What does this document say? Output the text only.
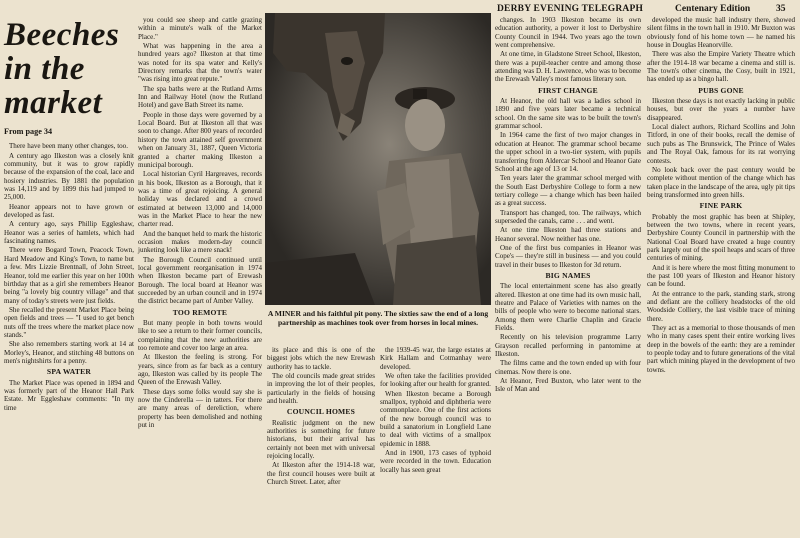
DERBY EVENING TELEGRAPH	Centenary Edition	35
Beeches
in the
market
From page 34

There have been many other changes, too.

A century ago Ilkeston was a closely knit community, but it was to grow rapidly because of the expansion of the coal, lace and hosiery industries. By 1881 the population was 14,119 and by 1899 this had jumped to 25,000.

Heanor appears not to have grown or developed as fast.

A century ago, says Phillip Eggleshaw, Heanor was a series of hamlets, which had fascinating names.

There were Bogard Town, Peacock Town, Hard Meadow and King's Town, to name but a few. Mrs Lizzie Brentnall, of John Street, Heanor, told me earlier this year on her 100th birthday that as a girl she remembers Heanor being "a lovely big country village" and that many of today's streets were just fields.

She recalled the present Market Place being open fields and trees — "I used to get bench nuts off the trees where the market place now stands."

She also remembers starting work at 14 at Morley's, Heanor, and stitching 48 buttons on men's nightshirts for a penny.

SPA WATER

The Market Place was opened in 1894 and was formerly part of the Heanor Hall Park Estate. Mr Eggleshaw comments: "In my time

you could see sheep and cattle grazing within a minute's walk of the Market Place."

What was happening in the area a hundred years ago? Ilkeston at that time was noted for its spa water and Kelly's Directory remarks that the town's water "was rising into great repute."

The spa baths were at the Rutland Arms Inn and Railway Hotel (now the Rutland Hotel) and gave Bath Street its name.

People in those days were governed by a Local Board. But at Ilkeston all that was soon to change. After 800 years of recorded history the town attained self government when on January 31, 1887, Queen Victoria granted a charter making Ilkeston a municipal borough.

Local historian Cyril Hargreaves, records in his book, Ilkeston as a Borough, that it was a time of great rejoicing. A general holiday was declared and a crowd estimated at between 13,000 and 14,000 was in the Market Place to hear the new charter read.

And the banquet held to mark the historic occasion makes modern-day council junketing look like a mere snack!

The Borough Council continued until local government reorganisation in 1974 when Ilkeston became part of Erewash Borough. The local board at Heanor was succeeded by an urban council and in 1974 the district became part of Amber Valley.

TOO REMOTE

But many people in both towns would like to see a return to their former councils, complaining that the new authorities are too remote and cover too large an area.

At Ilkeston the feeling is strong. For years, since from as far back as a century ago, Ilkeston was called by its people The Queen of the Erewash Valley.

These days some folks would say she is now the Cinderella — in tatters. For there are many areas of dereliction, where property has been demolished and nothing put in

A MINER and his faithful pit pony. The sixties saw the end of a long partnership as machines took over from horses in local mines.

its place and this is one of the biggest jobs which the new Erewash authority has to tackle.

The old councils made great strides in improving the lot of their peoples, particularly in the fields of housing and health.

COUNCIL HOMES

Realistic judgment on the new authorities is something for future historians, but their arrival has certainly not been met with universal rejoicing locally.

At Ilkeston after the 1914-18 war, the first council houses were built at Church Street. Later, after

the 1939-45 war, the large estates at Kirk Hallam and Cotmanhay were developed.

We often take the facilities provided for looking after our health for granted.

When Ilkeston became a Borough smallpox, typhoid and diphtheria were commonplace. One of the first actions of the new borough council was to build a sanatorium in Longfield Lane to deal with victims of a smallpox epidemic in 1888.

And in 1900, 173 cases of typhoid were recorded in the town. Education locally has seen great

changes. In 1903 Ilkeston became its own education authority, a power it lost to Derbyshire County Council in 1944. Two years ago the town went comprehensive.

At one time, in Gladstone Street School, Ilkeston, there was a pupil-teacher centre and among those attending was D. H. Lawrence, who was to become the Erewash Valley's most famous literary son.

FIRST CHANGE

At Heanor, the old hall was a ladies school in 1890 and five years later became a technical school. On the same site was to be built the town's grammar school.

In 1964 came the first of two major changes in education at Heanor. The grammar school became the upper school in a two-tier system, with pupils transferring from Aldercar School and Heanor Gate School at the age of 13 or 14.

Ten years later the grammar school merged with the South East Derbyshire College to form a new tertiary college — a change which has been hailed as a great success.

Transport has changed, too. The railways, which superseded the canals, came . . . and went.

At one time Ilkeston had three stations and Heanor several. Now neither has one.

One of the first bus companies in Heanor was Cope's — they're still in business — and you could travel in their buses to Ilkeston for 3d return.

BIG NAMES

The local entertainment scene has also greatly altered. Ilkeston at one time had its own music hall, theatre and Palace of Varieties with names on the bills of people who were to become national stars. Among them were Charlie Chaplin and Gracie Fields.

Recently on his television programme Larry Grayson recalled performing in pantomime at Ilkeston.

The films came and the town ended up with four cinemas. Now there is one.

At Heanor, Fred Buxton, who later went to the Isle of Man and

developed the music hall industry there, showed silent films in the town hall in 1910. Mr Buxton was obviously fond of his home town — he named his house in Douglas Heanorville.

There was also the Empire Variety Theatre which after the 1914-18 war became a cinema and still is. The town's other cinema, the Cosy, built in 1921, has ended up as a bingo hall.

PUBS GONE

Ilkeston these days is not exactly lacking in public houses, but over the years a number have disappeared.

Local dialect authors, Richard Scollins and John Titford, in one of their books, recall the demise of such pubs as The Brunswick, The Prince of Wales and The Royal Oak, famous for its rat worrying contests.

No look back over the past century would be complete without mention of the change which has taken place in the landscape of the area, ugly pit tips being transformed into green hills.

FINE PARK

Probably the most graphic has been at Shipley, between the two towns, where in recent years, Derbyshire County Council in partnership with the National Coal Board have created a huge country park largely out of the spoil heaps and scars of three centuries of mining.

And it is here where the most fitting monument to the past 100 years of Ilkeston and Heanor history can be found.

At the entrance to the park, standing stark, strong and defiant are the colliery headstocks of the old Woodside Colliery, the last visible trace of mining there.

They act as a memorial to those thousands of men who in many cases spent their entire working lives deep in the bowels of the earth: they are a reminder to people today and to future generations of the vital part which mining played in the development of two towns.
